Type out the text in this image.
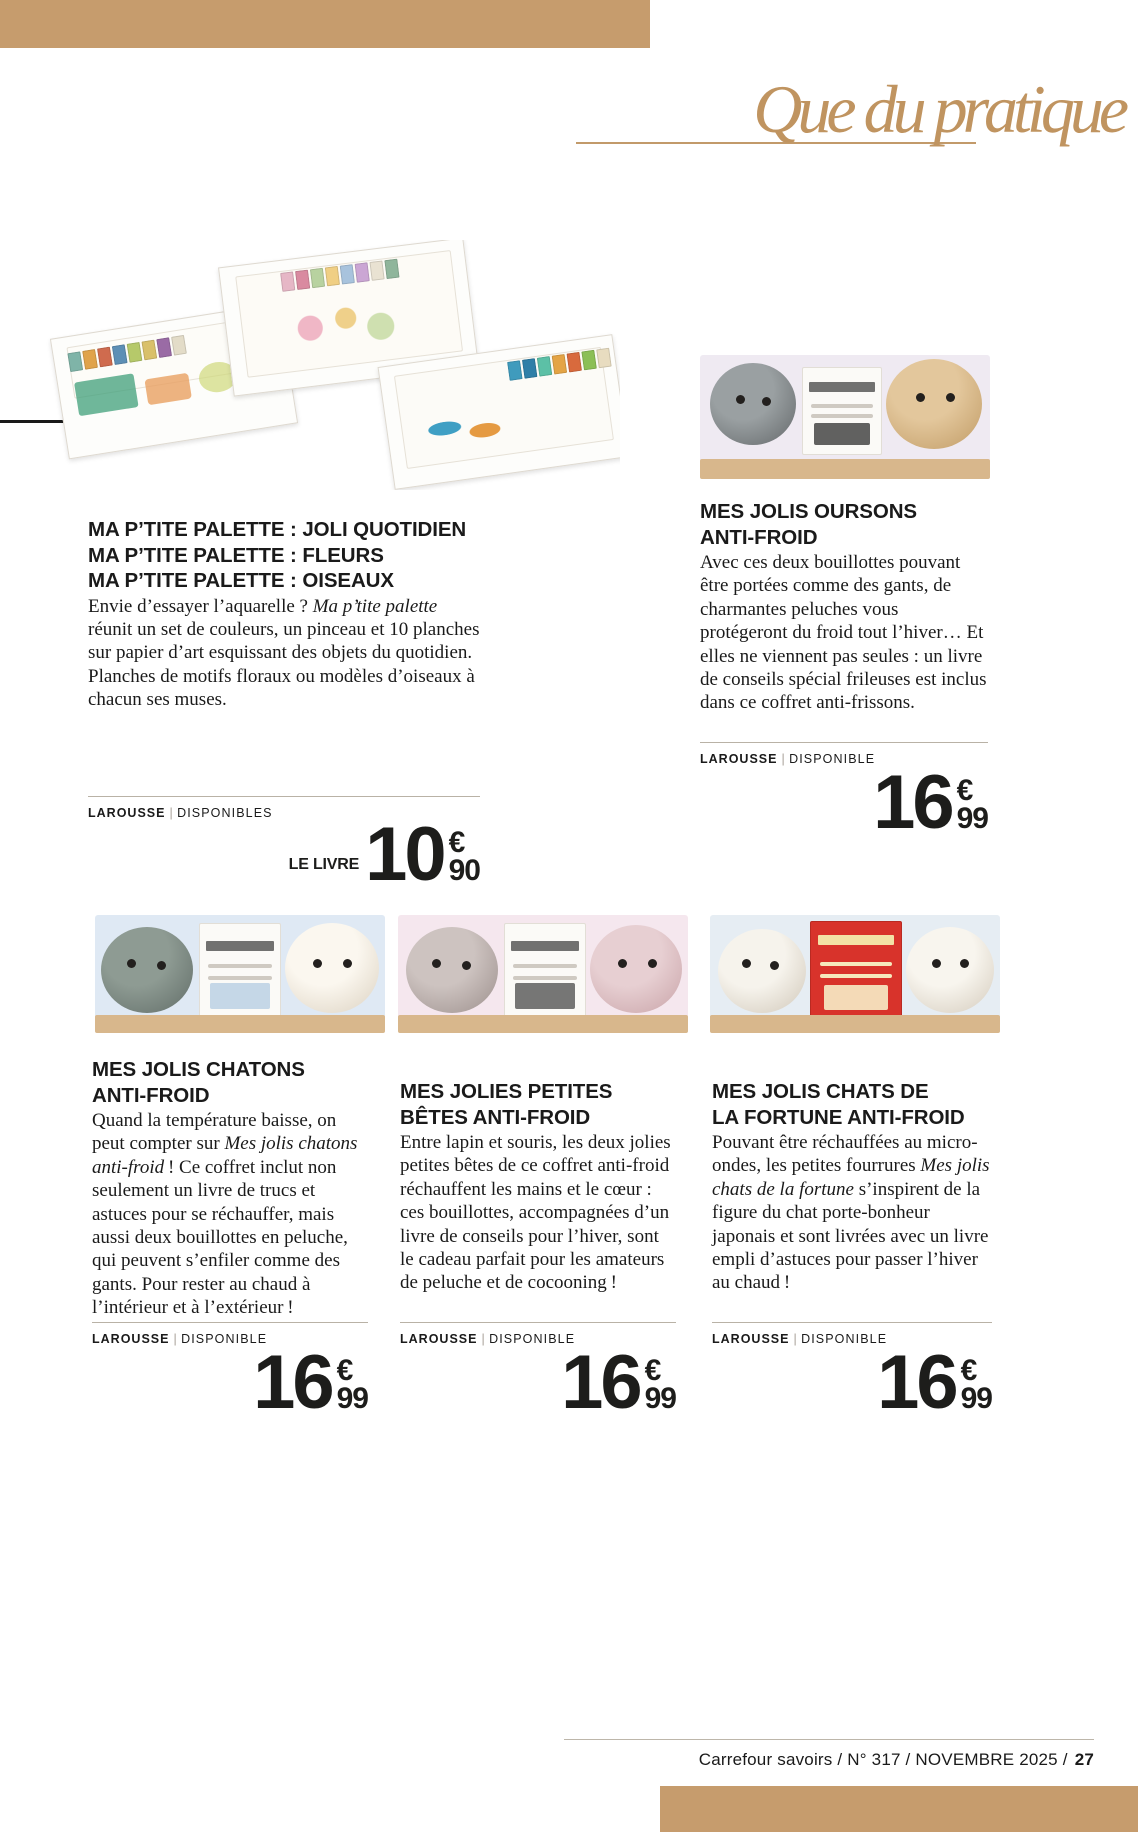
Que du pratique
MA P’TITE PALETTE : JOLI QUOTIDIEN
MA P’TITE PALETTE : FLEURS
MA P’TITE PALETTE : OISEAUX

Envie d’essayer l’aquarelle ? Ma p’tite palette réunit un set de couleurs, un pinceau et 10 planches sur papier d’art esquissant des objets du quotidien. Planches de motifs floraux ou modèles d’oiseaux à chacun ses muses.

LAROUSSE | DISPONIBLES
LE LIVRE 10 €
90
MES JOLIS OURSONS
ANTI-FROID

Avec ces deux bouillottes pouvant être portées comme des gants, de charmantes peluches vous protégeront du froid tout l’hiver… Et elles ne viennent pas seules : un livre de conseils spécial frileuses est inclus dans ce coffret anti-frissons.

LAROUSSE | DISPONIBLE
16 €
99
MES JOLIS CHATONS
ANTI-FROID

Quand la température baisse, on peut compter sur Mes jolis chatons anti-froid ! Ce coffret inclut non seulement un livre de trucs et astuces pour se réchauffer, mais aussi deux bouillottes en peluche, qui peuvent s’enfiler comme des gants. Pour rester au chaud à l’intérieur et à l’extérieur !

LAROUSSE | DISPONIBLE
16 €
99
MES JOLIES PETITES
BÊTES ANTI-FROID

Entre lapin et souris, les deux jolies petites bêtes de ce coffret anti-froid réchauffent les mains et le cœur : ces bouillottes, accompagnées d’un livre de conseils pour l’hiver, sont le cadeau parfait pour les amateurs de peluche et de cocooning !

LAROUSSE | DISPONIBLE
16 €
99
MES JOLIS CHATS DE
LA FORTUNE ANTI-FROID

Pouvant être réchauffées au micro-ondes, les petites fourrures Mes jolis chats de la fortune s’inspirent de la figure du chat porte-bonheur japonais et sont livrées avec un livre empli d’astuces pour passer l’hiver au chaud !

LAROUSSE | DISPONIBLE
16 €
99
Carrefour savoirs / N° 317 / NOVEMBRE 2025 / 27
